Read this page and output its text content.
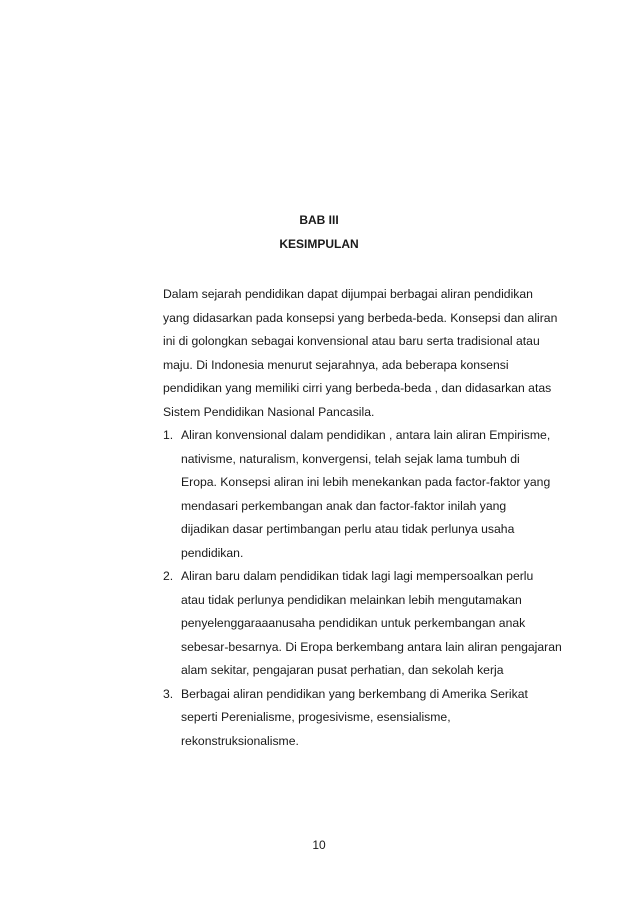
BAB III
KESIMPULAN

Dalam sejarah pendidikan dapat dijumpai berbagai aliran pendidikan
yang didasarkan pada konsepsi yang berbeda-beda. Konsepsi dan aliran
ini di golongkan sebagai konvensional atau baru serta tradisional atau
maju. Di Indonesia menurut sejarahnya, ada beberapa konsensi
pendidikan yang memiliki cirri yang berbeda-beda , dan didasarkan atas
Sistem Pendidikan Nasional Pancasila.

1. Aliran konvensional dalam pendidikan , antara lain aliran Empirisme,
nativisme, naturalism, konvergensi, telah sejak lama tumbuh di
Eropa. Konsepsi aliran ini lebih menekankan pada factor-faktor yang
mendasari perkembangan anak dan factor-faktor inilah yang
dijadikan dasar pertimbangan perlu atau tidak perlunya usaha
pendidikan.
2. Aliran baru dalam pendidikan tidak lagi lagi mempersoalkan perlu
atau tidak perlunya pendidikan melainkan lebih mengutamakan
penyelenggaraaanusaha pendidikan untuk perkembangan anak
sebesar-besarnya. Di Eropa berkembang antara lain aliran pengajaran
alam sekitar, pengajaran pusat perhatian, dan sekolah kerja
3. Berbagai aliran pendidikan yang berkembang di Amerika Serikat
seperti Perenialisme, progesivisme, esensialisme,
rekonstruksionalisme.
10
